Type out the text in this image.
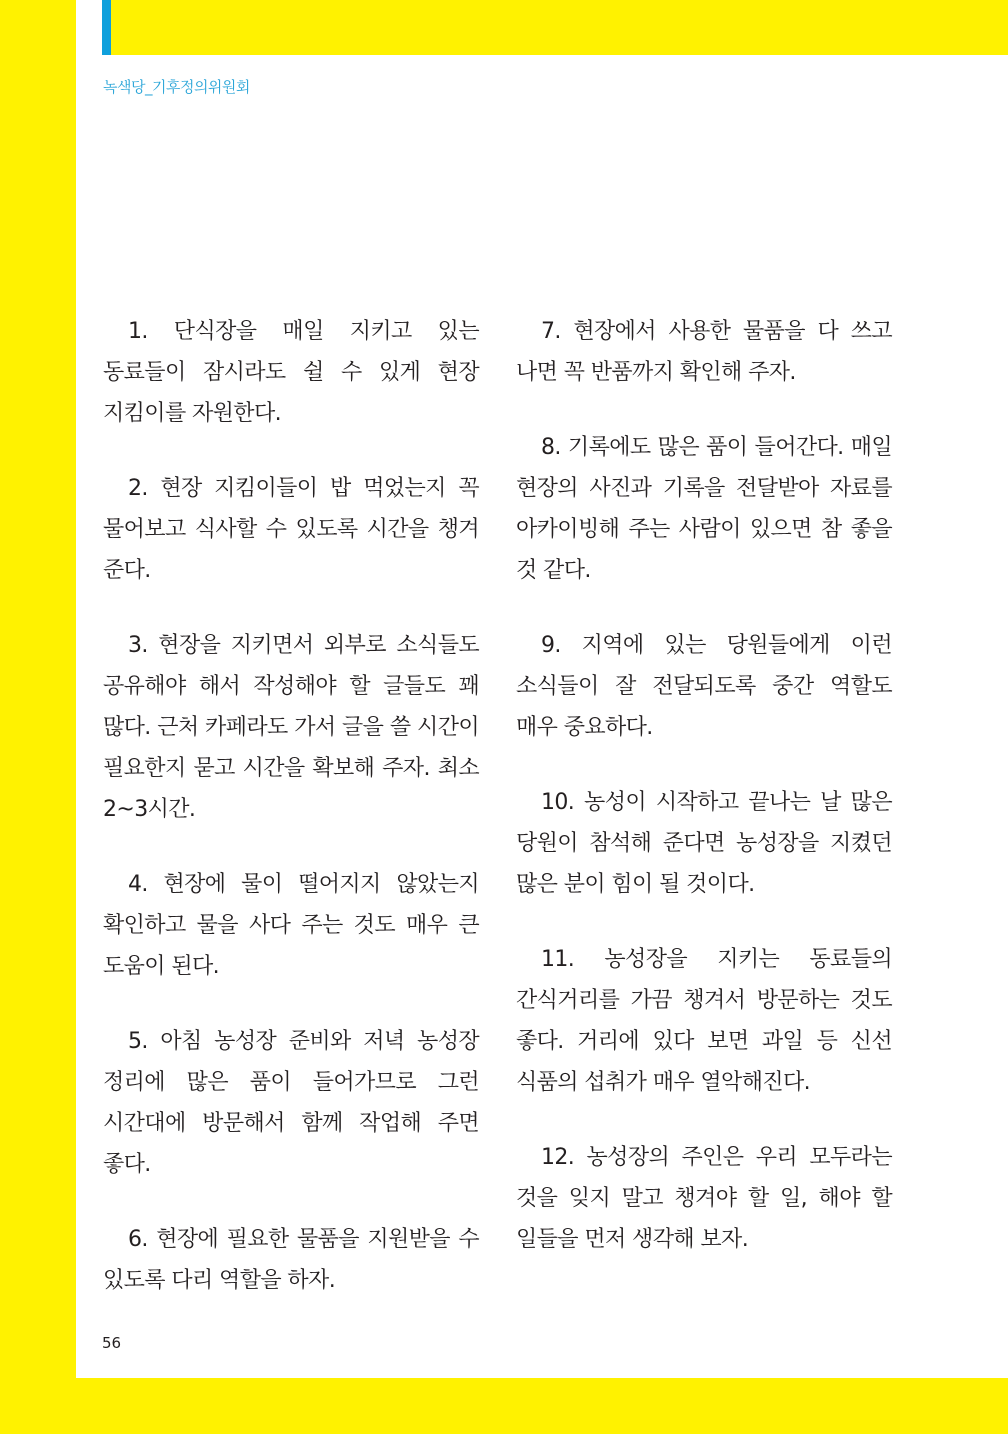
녹색당_기후정의위원회

1. 단식장을 매일 지키고 있는 동료들이 잠시라도 쉴 수 있게 현장 지킴이를 자원한다.

2. 현장 지킴이들이 밥 먹었는지 꼭 물어보고 식사할 수 있도록 시간을 챙겨 준다.

3. 현장을 지키면서 외부로 소식들도 공유해야 해서 작성해야 할 글들도 꽤 많다. 근처 카페라도 가서 글을 쓸 시간이 필요한지 묻고 시간을 확보해 주자. 최소 2~3시간.

4. 현장에 물이 떨어지지 않았는지 확인하고 물을 사다 주는 것도 매우 큰 도움이 된다.

5. 아침 농성장 준비와 저녁 농성장 정리에 많은 품이 들어가므로 그런 시간대에 방문해서 함께 작업해 주면 좋다.

6. 현장에 필요한 물품을 지원받을 수 있도록 다리 역할을 하자.

7. 현장에서 사용한 물품을 다 쓰고 나면 꼭 반품까지 확인해 주자.

8. 기록에도 많은 품이 들어간다. 매일 현장의 사진과 기록을 전달받아 자료를 아카이빙해 주는 사람이 있으면 참 좋을 것 같다.

9. 지역에 있는 당원들에게 이런 소식들이 잘 전달되도록 중간 역할도 매우 중요하다.

10. 농성이 시작하고 끝나는 날 많은 당원이 참석해 준다면 농성장을 지켰던 많은 분이 힘이 될 것이다.

11. 농성장을 지키는 동료들의 간식거리를 가끔 챙겨서 방문하는 것도 좋다. 거리에 있다 보면 과일 등 신선 식품의 섭취가 매우 열악해진다.

12. 농성장의 주인은 우리 모두라는 것을 잊지 말고 챙겨야 할 일, 해야 할 일들을 먼저 생각해 보자.

56
